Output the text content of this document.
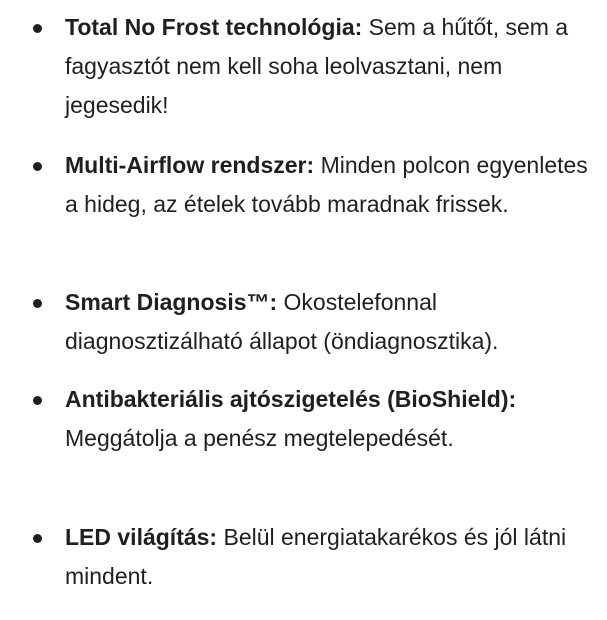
Total No Frost technológia: Sem a hűtőt, sem a fagyasztót nem kell soha leolvasztani, nem jegesedik!
Multi-Airflow rendszer: Minden polcon egyenletes a hideg, az ételek tovább maradnak frissek.
Smart Diagnosis™: Okostelefonnal diagnosztizálható állapot (öndiagnosztika).
Antibakteriális ajtószigetelés (BioShield): Meggátolja a penész megtelepedését.
LED világítás: Belül energiatakarékos és jól látni mindent.
